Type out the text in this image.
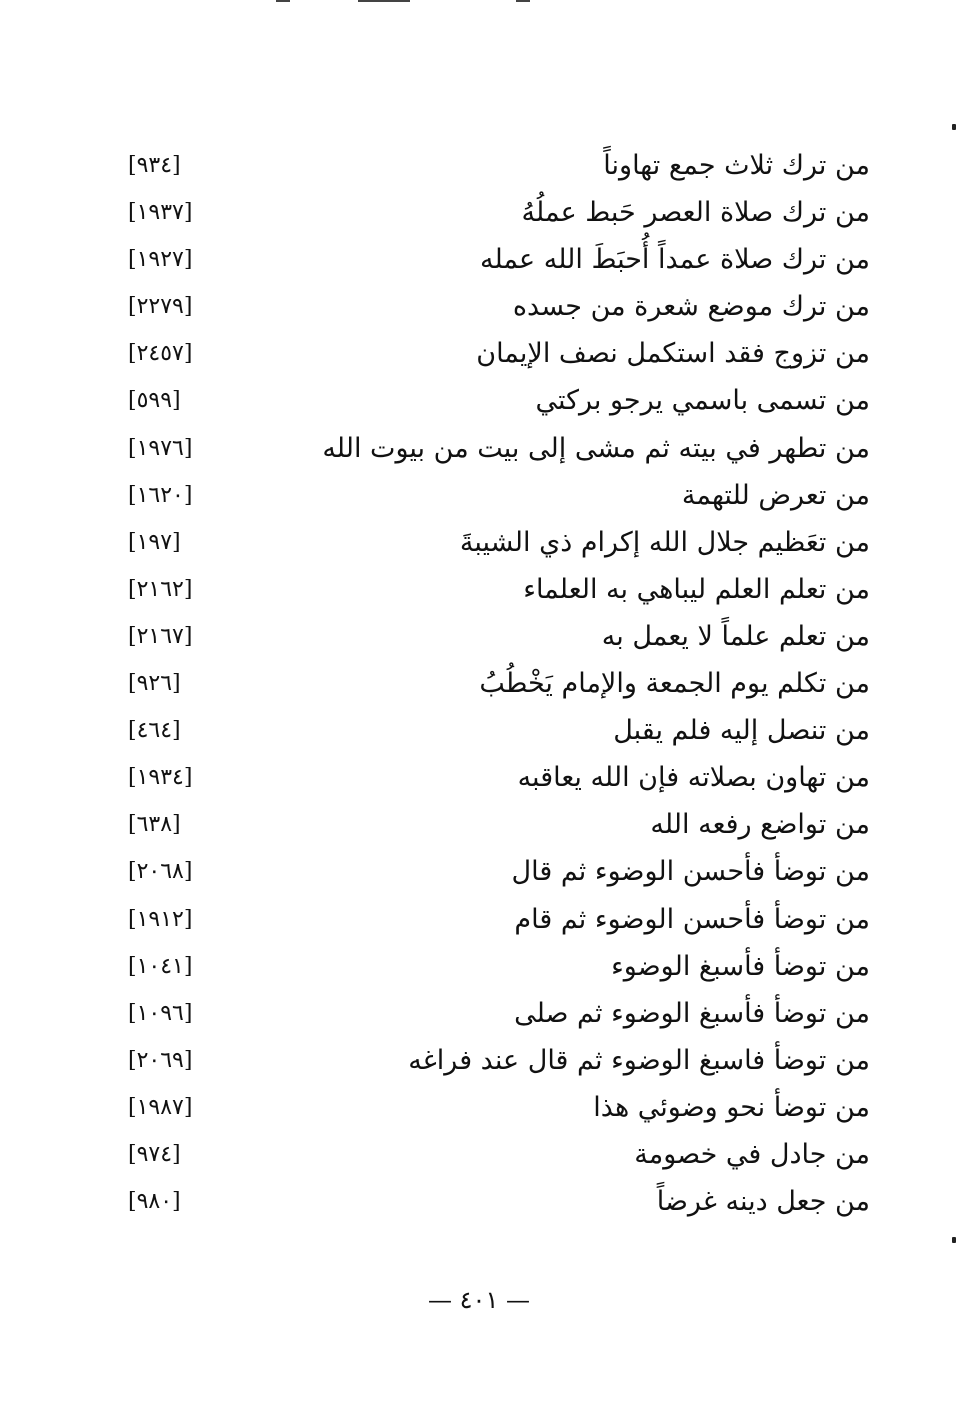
من ترك ثلاث جمع تهاوناً
[٩٣٤]
من ترك صلاة العصر حَبط عملُهُ
[١٩٣٧]
من ترك صلاة عمداً أُحبَطَ الله عمله
[١٩٢٧]
من ترك موضع شعرة من جسده
[٢٢٧٩]
من تزوج فقد استكمل نصف الإيمان
[٢٤٥٧]
من تسمى باسمي يرجو بركتي
[٥٩٩]
من تطهر في بيته ثم مشى إلى بيت من بيوت الله
[١٩٧٦]
من تعرض للتهمة
[١٦٢٠]
من تعَظيم جلال الله إكرام ذي الشيبةَ
[١٩٧]
من تعلم العلم ليباهي به العلماء
[٢١٦٢]
من تعلم علماً لا يعمل به
[٢١٦٧]
من تكلم يوم الجمعة والإمام يَخْطُبُ
[٩٢٦]
من تنصل إليه فلم يقبل
[٤٦٤]
من تهاون بصلاته فإن الله يعاقبه
[١٩٣٤]
من تواضع رفعه الله
[٦٣٨]
من توضأ فأحسن الوضوء ثم قال
[٢٠٦٨]
من توضأ فأحسن الوضوء ثم قام
[١٩١٢]
من توضأ فأسبغ الوضوء
[١٠٤١]
من توضأ فأسبغ الوضوء ثم صلى
[١٠٩٦]
من توضأ فاسبغ الوضوء ثم قال عند فراغه
[٢٠٦٩]
من توضأ نحو وضوئي هذا
[١٩٨٧]
من جادل في خصومة
[٩٧٤]
من جعل دينه غرضاً
[٩٨٠]
— ٤٠١ —
